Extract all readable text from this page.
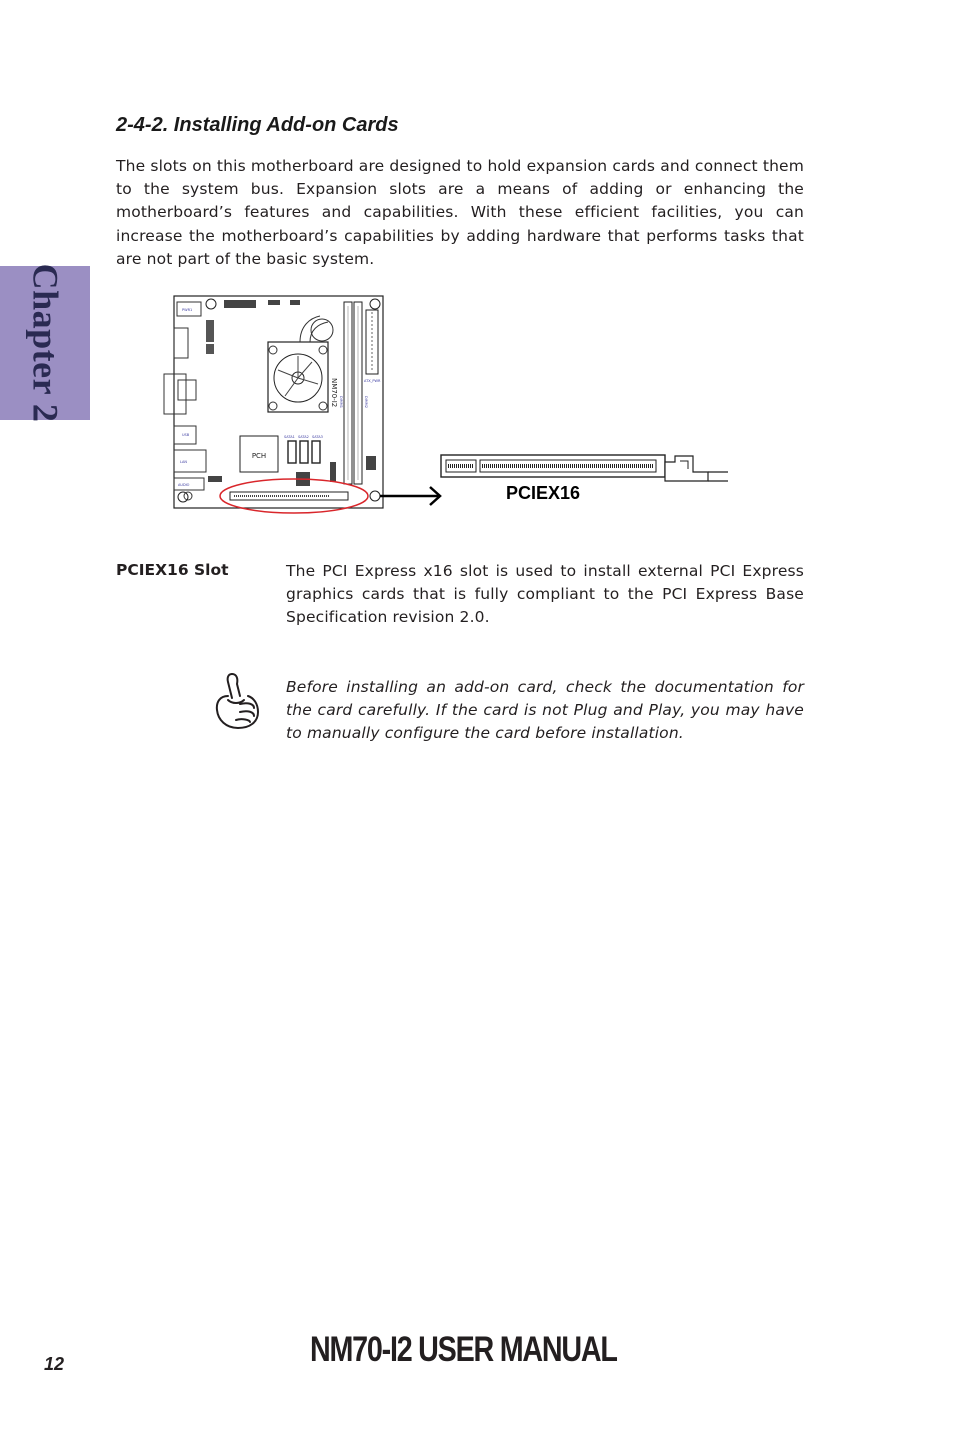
Chapter 2
2-4-2. Installing Add-on Cards

The slots on this motherboard are designed to hold expansion cards and connect them to the system bus. Expansion slots are a means of adding or enhancing the motherboard’s features and capabilities. With these efficient facilities, you can increase the motherboard’s capabilities by adding hardware that performs tasks that are not part of the basic system.

NM70-I2
PCH
PWR1
SATA1 SATA2 SATA3
USB
DIMM1	DIMM2
ATX_PWR
AUDIO
LAN
PCIEX16

PCIEX16 Slot	The PCI Express x16 slot is used to install external PCI Express graphics cards that is fully compliant to the PCI Express Base Specification revision 2.0.

Before installing an add-on card, check the documentation for the card carefully. If the card is not Plug and Play, you may have to manually configure the card before installation.

12	NM70-I2 USER MANUAL
